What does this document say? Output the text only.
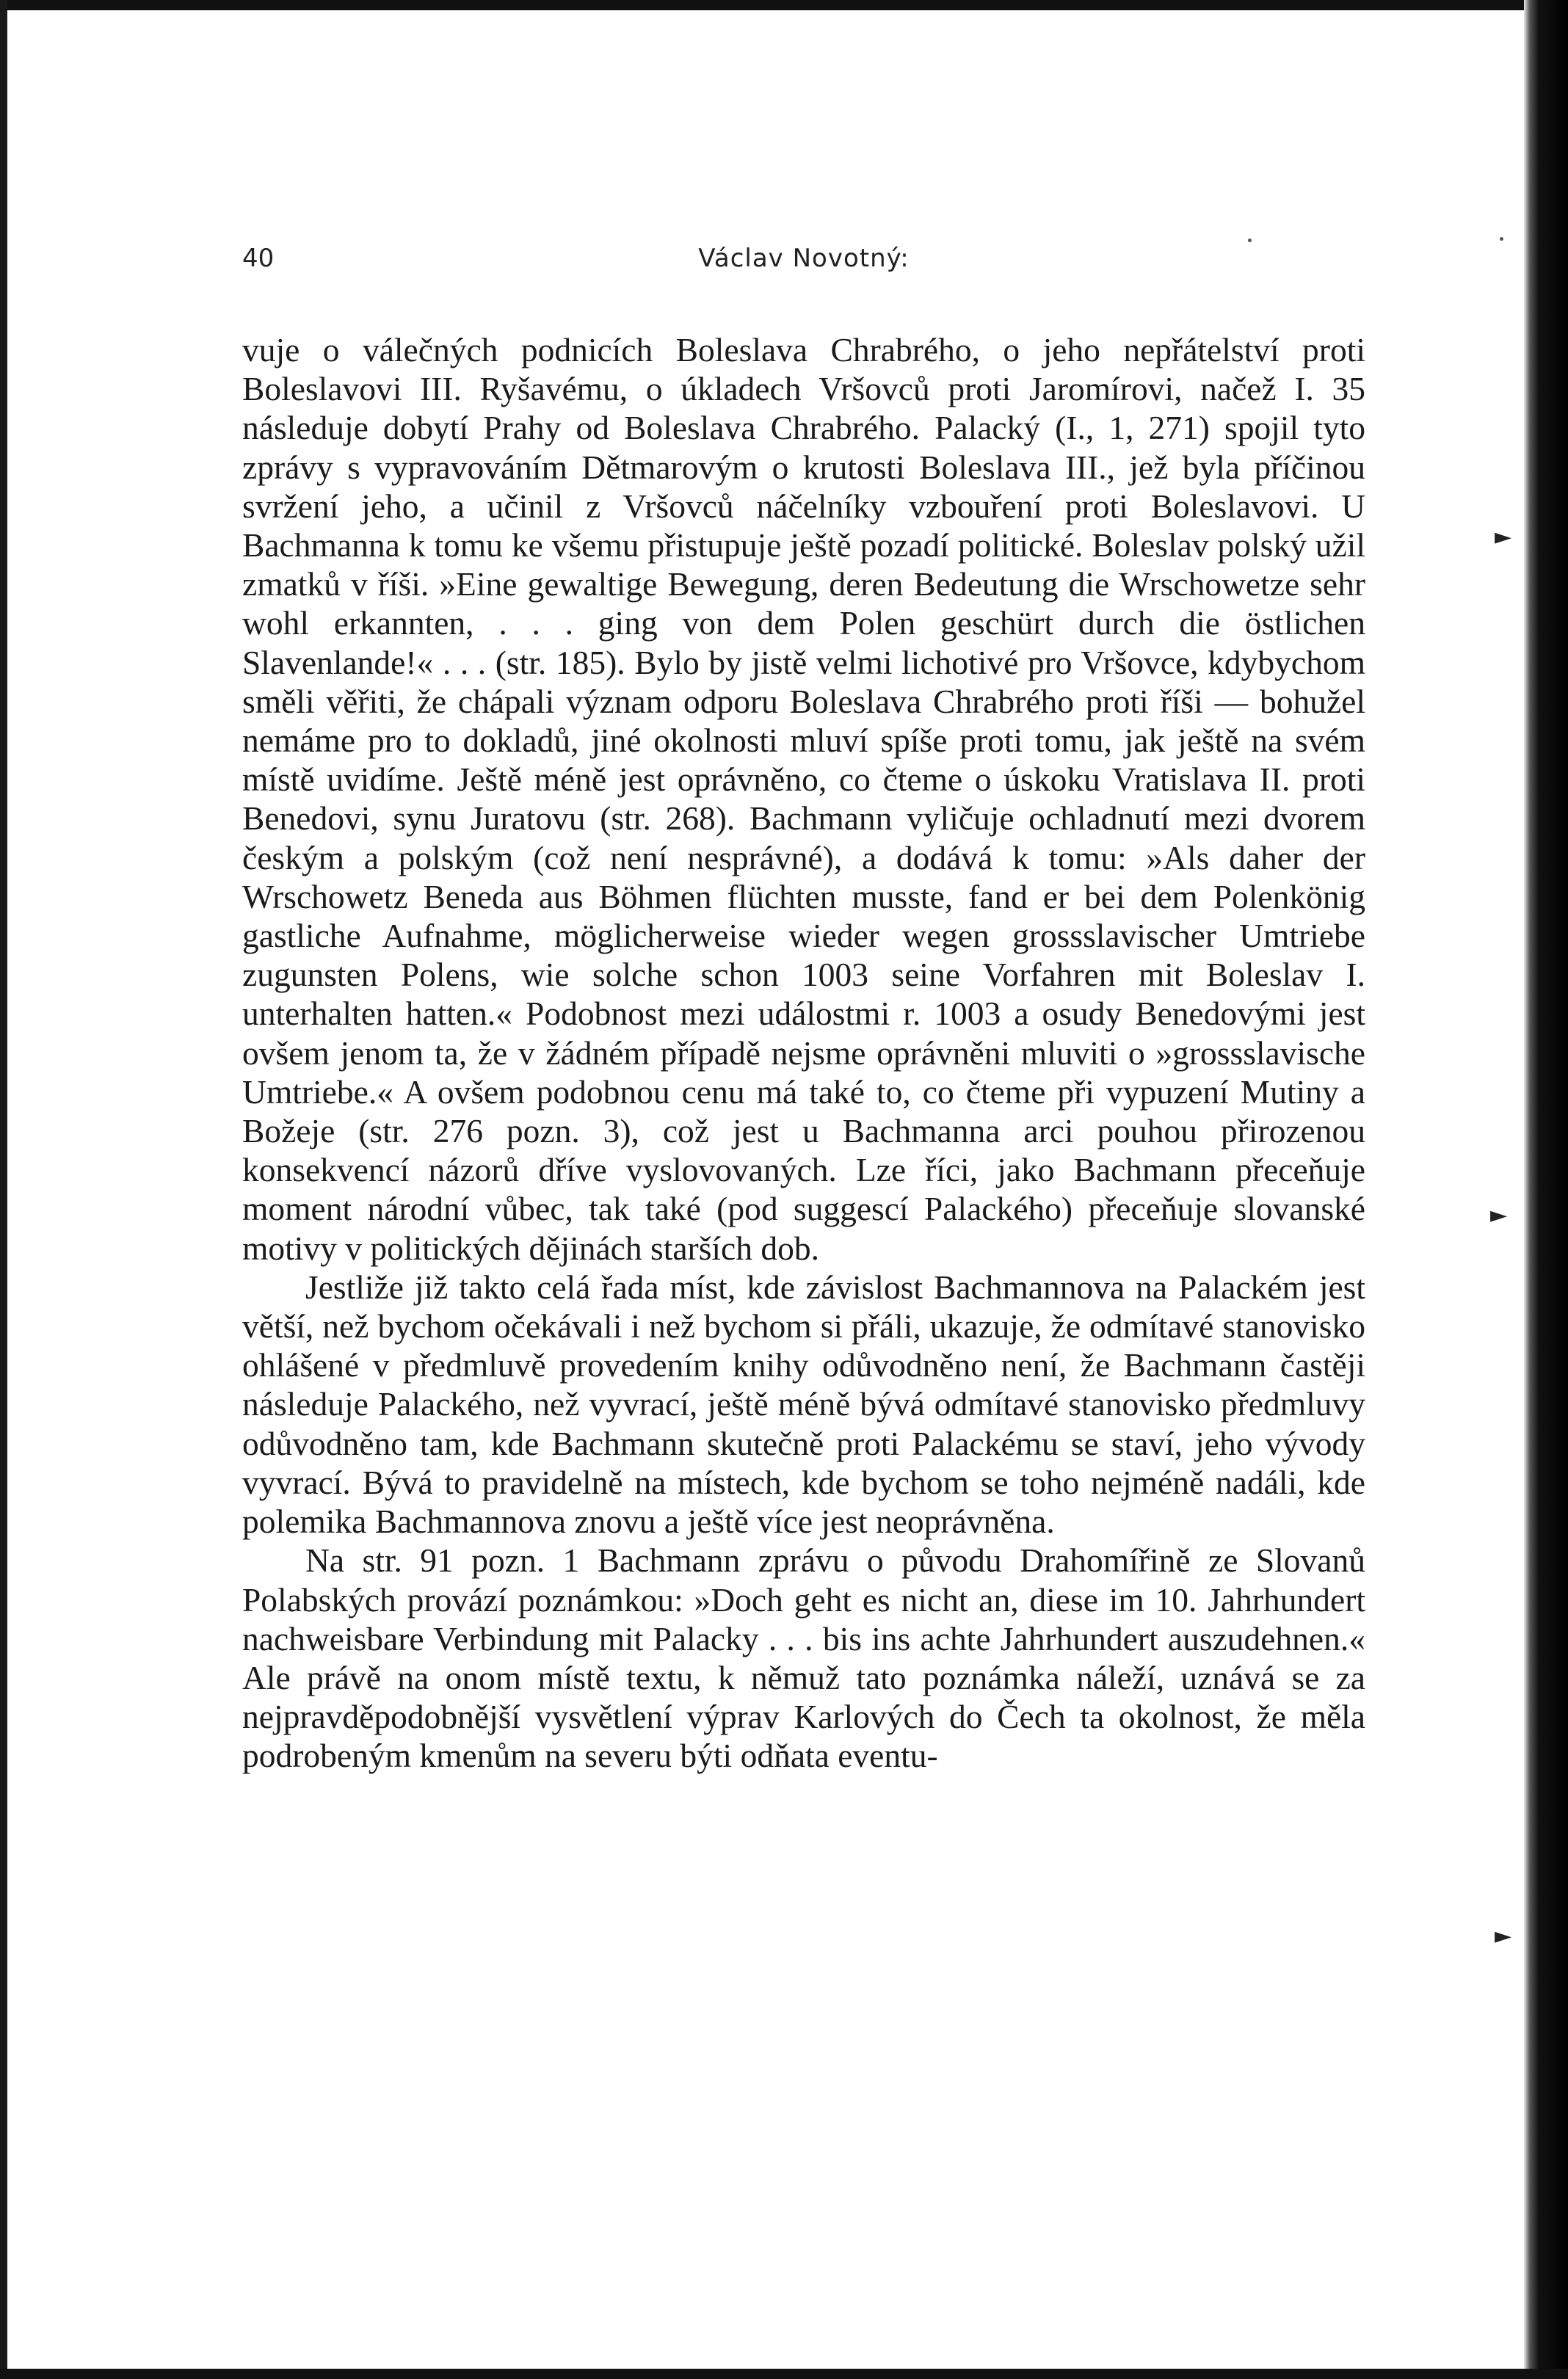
►
►
►
40	Václav Novotný:

vuje o válečných podnicích Boleslava Chrabrého, o jeho nepřátelství proti Boleslavovi III. Ryšavému, o úkladech Vršovců proti Jaromírovi, načež I. 35 následuje dobytí Prahy od Boleslava Chrabrého. Palacký (I., 1, 271) spojil tyto zprávy s vypravováním Dětmarovým o krutosti Boleslava III., jež byla příčinou svržení jeho, a učinil z Vršovců náčelníky vzbouření proti Boleslavovi. U Bachmanna k tomu ke všemu přistupuje ještě pozadí politické. Boleslav polský užil zmatků v říši. »Eine gewaltige Bewegung, deren Bedeutung die Wrschowetze sehr wohl erkannten, . . . ging von dem Polen geschürt durch die östlichen Slavenlande!« . . . (str. 185). Bylo by jistě velmi lichotivé pro Vršovce, kdybychom směli věřiti, že chápali význam odporu Boleslava Chrabrého proti říši — bohužel nemáme pro to dokladů, jiné okolnosti mluví spíše proti tomu, jak ještě na svém místě uvidíme. Ještě méně jest oprávněno, co čteme o úskoku Vratislava II. proti Benedovi, synu Juratovu (str. 268). Bachmann vyličuje ochladnutí mezi dvorem českým a polským (což není nesprávné), a dodává k tomu: »Als daher der Wrschowetz Beneda aus Böhmen flüchten musste, fand er bei dem Polenkönig gastliche Aufnahme, möglicherweise wieder wegen grossslavischer Umtriebe zugunsten Polens, wie solche schon 1003 seine Vorfahren mit Boleslav I. unterhalten hatten.« Podobnost mezi událostmi r. 1003 a osudy Benedovými jest ovšem jenom ta, že v žádném případě nejsme oprávněni mluviti o »grossslavische Umtriebe.« A ovšem podobnou cenu má také to, co čteme při vypuzení Mutiny a Božeje (str. 276 pozn. 3), což jest u Bachmanna arci pouhou přirozenou konsekvencí názorů dříve vyslovovaných. Lze říci, jako Bachmann přeceňuje moment národní vůbec, tak také (pod suggescí Palackého) přeceňuje slovanské motivy v politických dějinách starších dob.

Jestliže již takto celá řada míst, kde závislost Bachmannova na Palackém jest větší, než bychom očekávali i než bychom si přáli, ukazuje, že odmítavé stanovisko ohlášené v předmluvě provedením knihy odůvodněno není, že Bachmann častěji následuje Palackého, než vyvrací, ještě méně bývá odmítavé stanovisko předmluvy odůvodněno tam, kde Bachmann skutečně proti Palackému se staví, jeho vývody vyvrací. Bývá to pravidelně na místech, kde bychom se toho nejméně nadáli, kde polemika Bachmannova znovu a ještě více jest neoprávněna.

Na str. 91 pozn. 1 Bachmann zprávu o původu Drahomířině ze Slovanů Polabských provází poznámkou: »Doch geht es nicht an, diese im 10. Jahrhundert nachweisbare Verbindung mit Palacky . . . bis ins achte Jahrhundert auszudehnen.« Ale právě na onom místě textu, k němuž tato poznámka náleží, uznává se za nejpravděpodobnější vysvětlení výprav Karlových do Čech ta okolnost, že měla podrobeným kmenům na severu býti odňata eventu-
